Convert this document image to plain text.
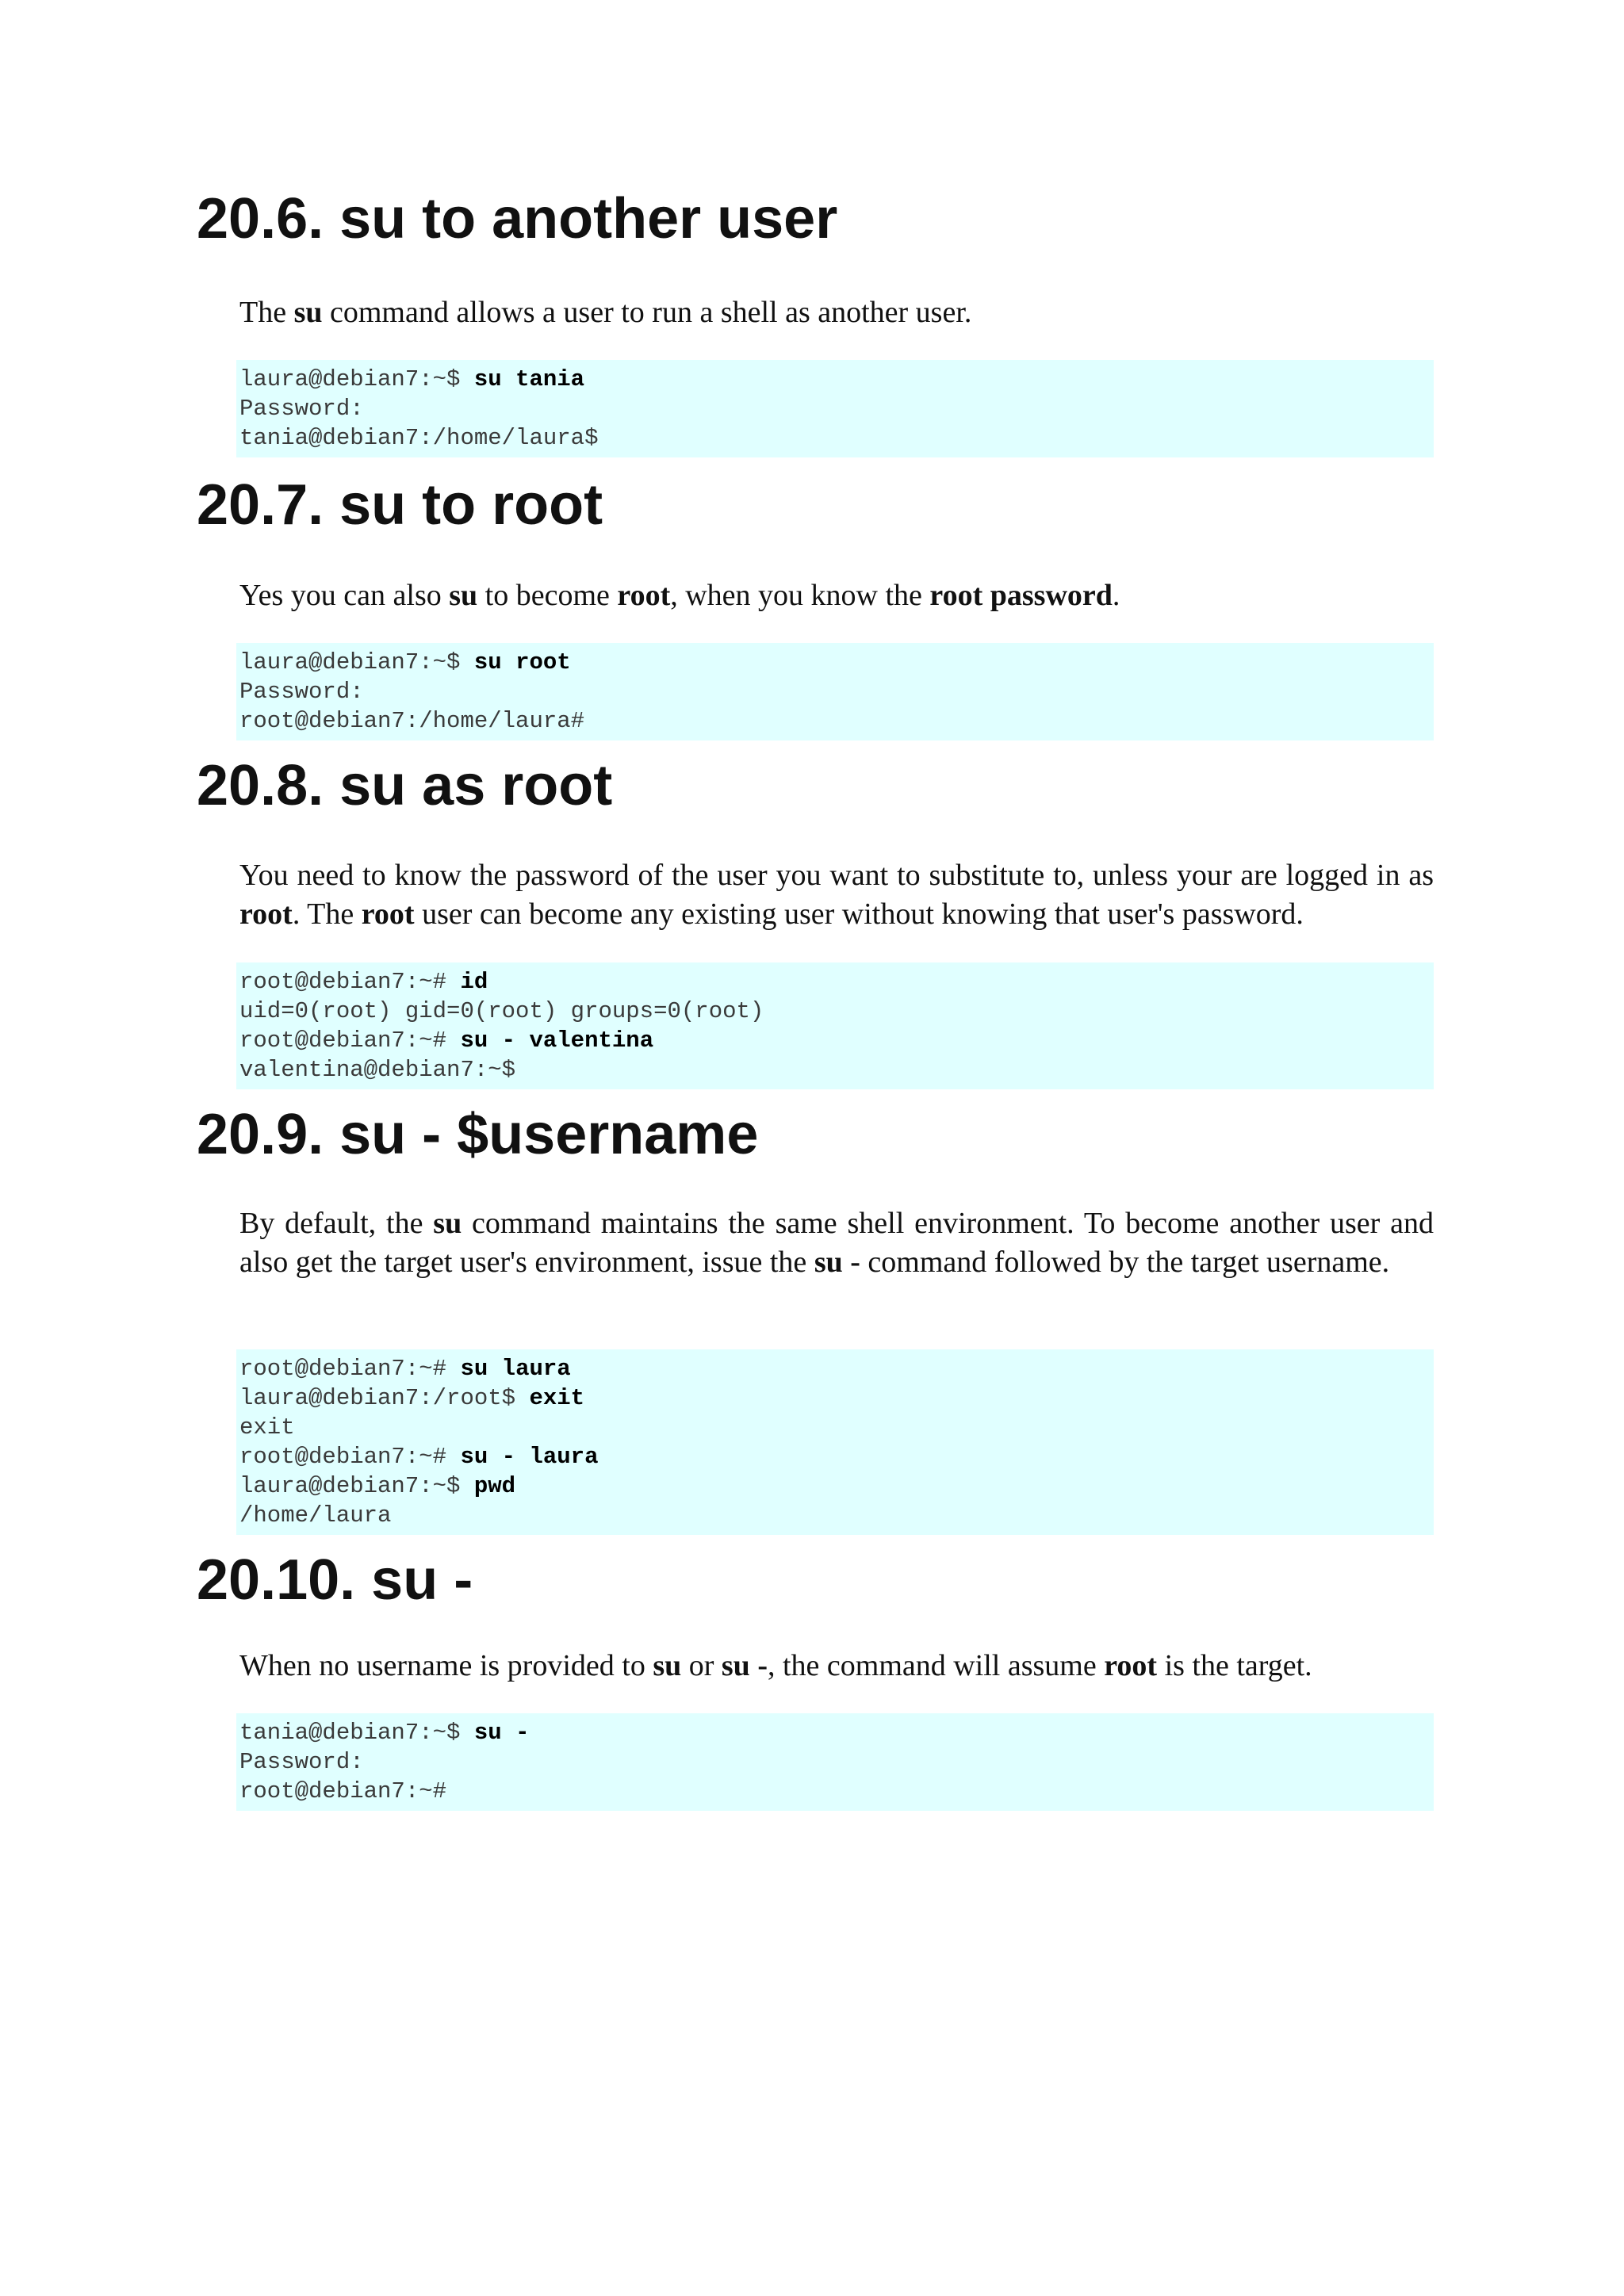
20.6. su to another user

The su command allows a user to run a shell as another user.

laura@debian7:~$ su tania
Password:
tania@debian7:/home/laura$
20.7. su to root

Yes you can also su to become root, when you know the root password.

laura@debian7:~$ su root
Password:
root@debian7:/home/laura#
20.8. su as root

You need to know the password of the user you want to substitute to, unless your are logged in as root. The root user can become any existing user without knowing that user's password.

root@debian7:~# id
uid=0(root) gid=0(root) groups=0(root)
root@debian7:~# su - valentina
valentina@debian7:~$
20.9. su - $username

By default, the su command maintains the same shell environment. To become another user and also get the target user's environment, issue the su - command followed by the target username.

root@debian7:~# su laura
laura@debian7:/root$ exit
exit
root@debian7:~# su - laura
laura@debian7:~$ pwd
/home/laura
20.10. su -

When no username is provided to su or su -, the command will assume root is the target.

tania@debian7:~$ su -
Password:
root@debian7:~#
